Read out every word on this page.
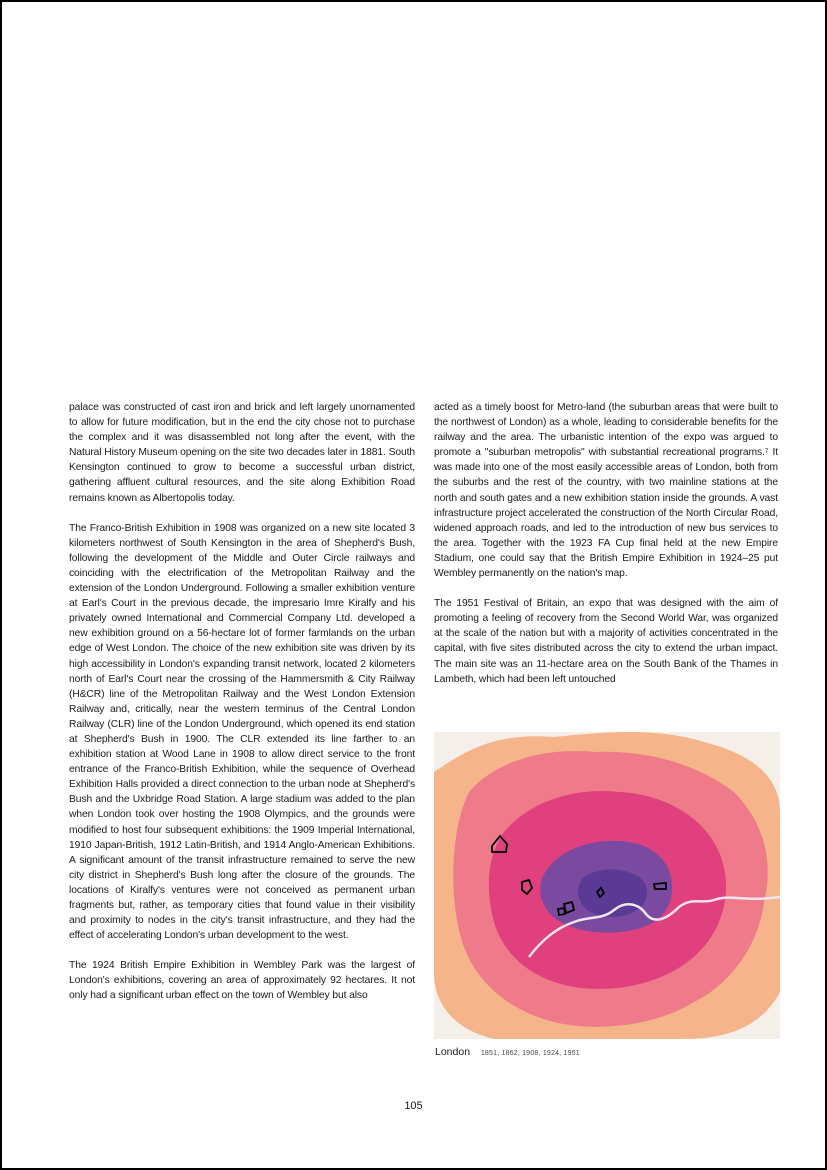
palace was constructed of cast iron and brick and left largely unornamented to allow for future modification, but in the end the city chose not to purchase the complex and it was disassembled not long after the event, with the Natural History Museum opening on the site two decades later in 1881. South Kensington continued to grow to become a successful urban district, gathering affluent cultural resources, and the site along Exhibition Road remains known as Albertopolis today.

The Franco-British Exhibition in 1908 was organized on a new site located 3 kilometers northwest of South Kensington in the area of Shepherd's Bush, following the development of the Middle and Outer Circle railways and coinciding with the electrification of the Metropolitan Railway and the extension of the London Underground. Following a smaller exhibition venture at Earl's Court in the previous decade, the impresario Imre Kiralfy and his privately owned International and Commercial Company Ltd. developed a new exhibition ground on a 56-hectare lot of former farmlands on the urban edge of West London. The choice of the new exhibition site was driven by its high accessibility in London's expanding transit network, located 2 kilometers north of Earl's Court near the crossing of the Hammersmith & City Railway (H&CR) line of the Metropolitan Railway and the West London Extension Railway and, critically, near the western terminus of the Central London Railway (CLR) line of the London Underground, which opened its end station at Shepherd's Bush in 1900. The CLR extended its line farther to an exhibition station at Wood Lane in 1908 to allow direct service to the front entrance of the Franco-British Exhibition, while the sequence of Overhead Exhibition Halls provided a direct connection to the urban node at Shepherd's Bush and the Uxbridge Road Station. A large stadium was added to the plan when London took over hosting the 1908 Olympics, and the grounds were modified to host four subsequent exhibitions: the 1909 Imperial International, 1910 Japan-British, 1912 Latin-British, and 1914 Anglo-American Exhibitions. A significant amount of the transit infrastructure remained to serve the new city district in Shepherd's Bush long after the closure of the grounds. The locations of Kiralfy's ventures were not conceived as permanent urban fragments but, rather, as temporary cities that found value in their visibility and proximity to nodes in the city's transit infrastructure, and they had the effect of accelerating London's urban development to the west.

The 1924 British Empire Exhibition in Wembley Park was the largest of London's exhibitions, covering an area of approximately 92 hectares. It not only had a significant urban effect on the town of Wembley but also

acted as a timely boost for Metro-land (the suburban areas that were built to the northwest of London) as a whole, leading to considerable benefits for the railway and the area. The urbanistic intention of the expo was argued to promote a "suburban metropolis" with substantial recreational programs.⁷ It was made into one of the most easily accessible areas of London, both from the suburbs and the rest of the country, with two mainline stations at the north and south gates and a new exhibition station inside the grounds. A vast infrastructure project accelerated the construction of the North Circular Road, widened approach roads, and led to the introduction of new bus services to the area. Together with the 1923 FA Cup final held at the new Empire Stadium, one could say that the British Empire Exhibition in 1924–25 put Wembley permanently on the nation's map.

The 1951 Festival of Britain, an expo that was designed with the aim of promoting a feeling of recovery from the Second World War, was organized at the scale of the nation but with a majority of activities concentrated in the capital, with five sites distributed across the city to extend the urban impact. The main site was an 11-hectare area on the South Bank of the Thames in Lambeth, which had been left untouched

London 1851, 1862, 1908, 1924, 1951
105
